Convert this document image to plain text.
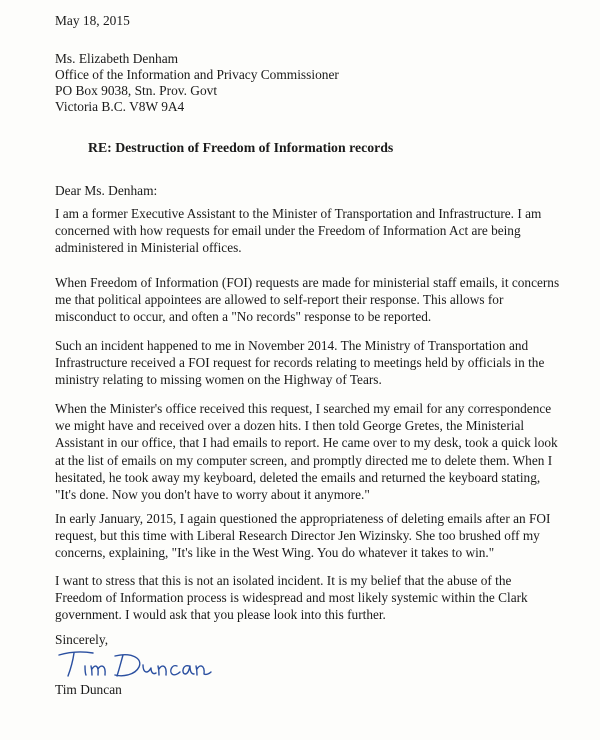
May 18, 2015
Ms. Elizabeth Denham
Office of the Information and Privacy Commissioner
PO Box 9038, Stn. Prov. Govt
Victoria B.C. V8W 9A4
RE: Destruction of Freedom of Information records
Dear Ms. Denham:

I am a former Executive Assistant to the Minister of Transportation and Infrastructure. I am concerned with how requests for email under the Freedom of Information Act are being administered in Ministerial offices.

When Freedom of Information (FOI) requests are made for ministerial staff emails, it concerns me that political appointees are allowed to self-report their response. This allows for misconduct to occur, and often a "No records" response to be reported.

Such an incident happened to me in November 2014. The Ministry of Transportation and Infrastructure received a FOI request for records relating to meetings held by officials in the ministry relating to missing women on the Highway of Tears.

When the Minister's office received this request, I searched my email for any correspondence we might have and received over a dozen hits. I then told George Gretes, the Ministerial Assistant in our office, that I had emails to report. He came over to my desk, took a quick look at the list of emails on my computer screen, and promptly directed me to delete them. When I hesitated, he took away my keyboard, deleted the emails and returned the keyboard stating, "It's done. Now you don't have to worry about it anymore."

In early January, 2015, I again questioned the appropriateness of deleting emails after an FOI request, but this time with Liberal Research Director Jen Wizinsky. She too brushed off my concerns, explaining, "It's like in the West Wing. You do whatever it takes to win."

I want to stress that this is not an isolated incident. It is my belief that the abuse of the Freedom of Information process is widespread and most likely systemic within the Clark government. I would ask that you please look into this further.

Sincerely,
Tim Duncan
